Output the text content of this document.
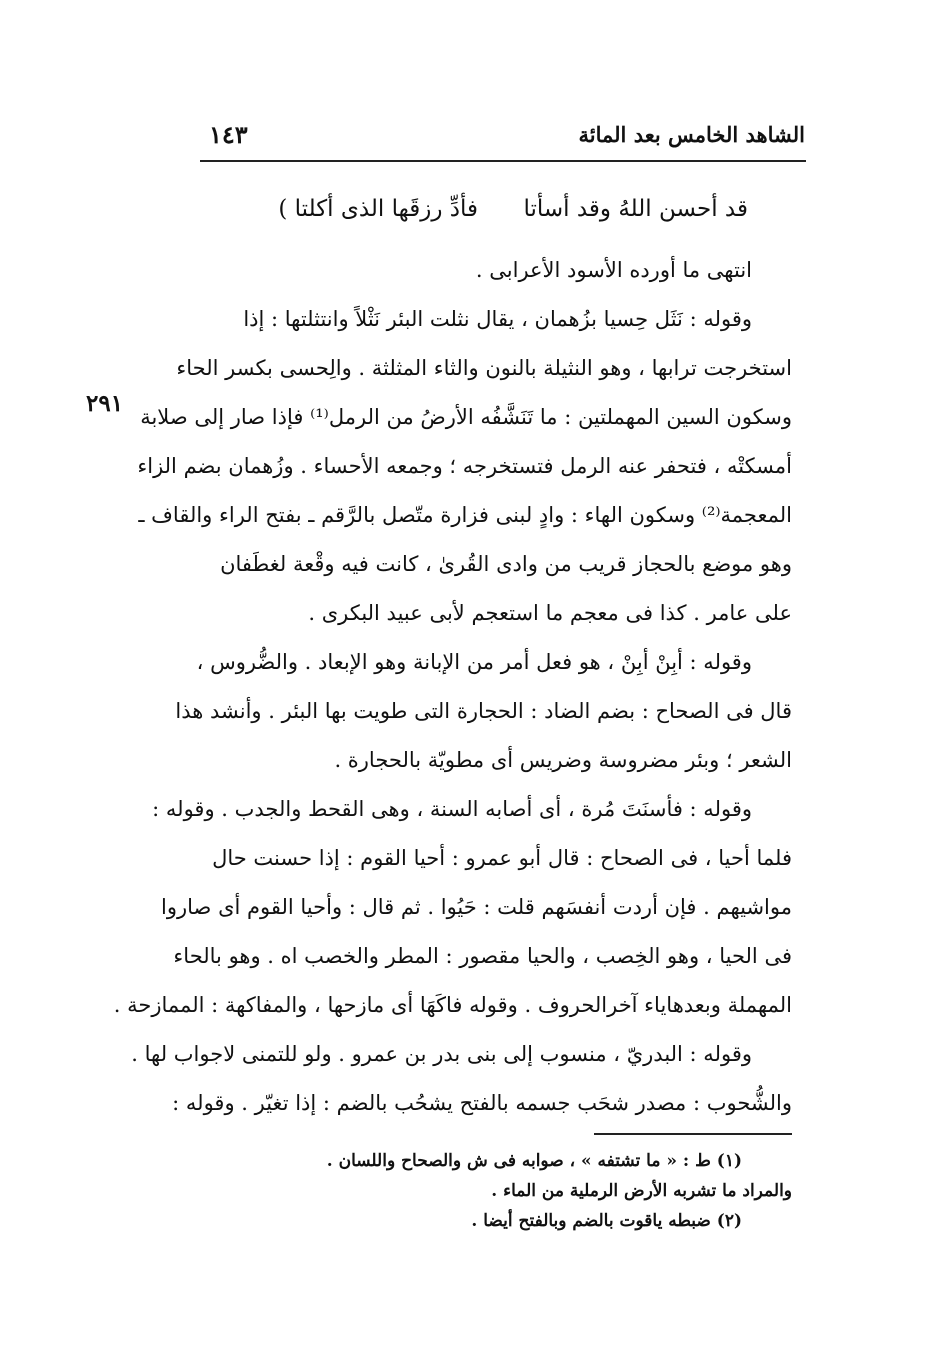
الشاهد الخامس بعد المائة
١٤٣
٢٩١
قد أحسن اللهُ وقد أسأتا
فأدِّ رزقَها الذى أكلتا )
انتهى ما أورده الأسود الأعرابى .
وقوله : نَثَل حِسيا بزُهمان ، يقال نثلت البئر نَثْلاً وانتثلتها : إذا
استخرجت ترابها ، وهو النثيلة بالنون والثاء المثلثة . والِحسى بكسر الحاء
وسكون السين المهملتين : ما تَنَشَّفُه الأرضُ من الرمل⁽¹⁾ فإذا صار إلى صلابة
أمسكتْه ، فتحفر عنه الرمل فتستخرجه ؛ وجمعه الأحساء . وزُهمان بضم الزاء
المعجمة⁽²⁾ وسكون الهاء : وادٍ لبنى فزارة متّصل بالرَّقم ـ بفتح الراء والقاف ـ
وهو موضع بالحجاز قريب من وادى القُرىٰ ، كانت فيه وقْعة لغطَفان
على عامر . كذا فى معجم ما استعجم لأبى عبيد البكرى .
وقوله : أبِنْ أبِنْ ، هو فعل أمر من الإبانة وهو الإبعاد . والضُّروس ،
قال فى الصحاح : بضم الضاد : الحجارة التى طويت بها البئر . وأنشد هذا
الشعر ؛ وبئر مضروسة وضريس أى مطويّة بالحجارة .
وقوله : فأسنَتَ مُرة ، أى أصابه السنة ، وهى القحط والجدب . وقوله :
فلما أحيا ، فى الصحاح : قال أبو عمرو : أحيا القوم : إذا حسنت حال
مواشيهم . فإن أردت أنفسَهم قلت : حَيُوا . ثم قال : وأحيا القوم أى صاروا
فى الحيا ، وهو الخِصب ، والحيا مقصور : المطر والخصب اه . وهو بالحاء
المهملة وبعدهاياء آخرالحروف . وقوله فاكَهَا أى مازحها ، والمفاكهة : الممازحة .
وقوله : البدريّ ، منسوب إلى بنى بدر بن عمرو . ولو للتمنى لاجواب لها .
والشُّحوب : مصدر شحَب جسمه بالفتح يشحُب بالضم : إذا تغيّر . وقوله :
(١) ط : « ما تشتفه » ، صوابه فى ش والصحاح واللسان .
والمراد ما تشربه الأرض الرملية من الماء .
(٢) ضبطه ياقوت بالضم وبالفتح أيضا .
